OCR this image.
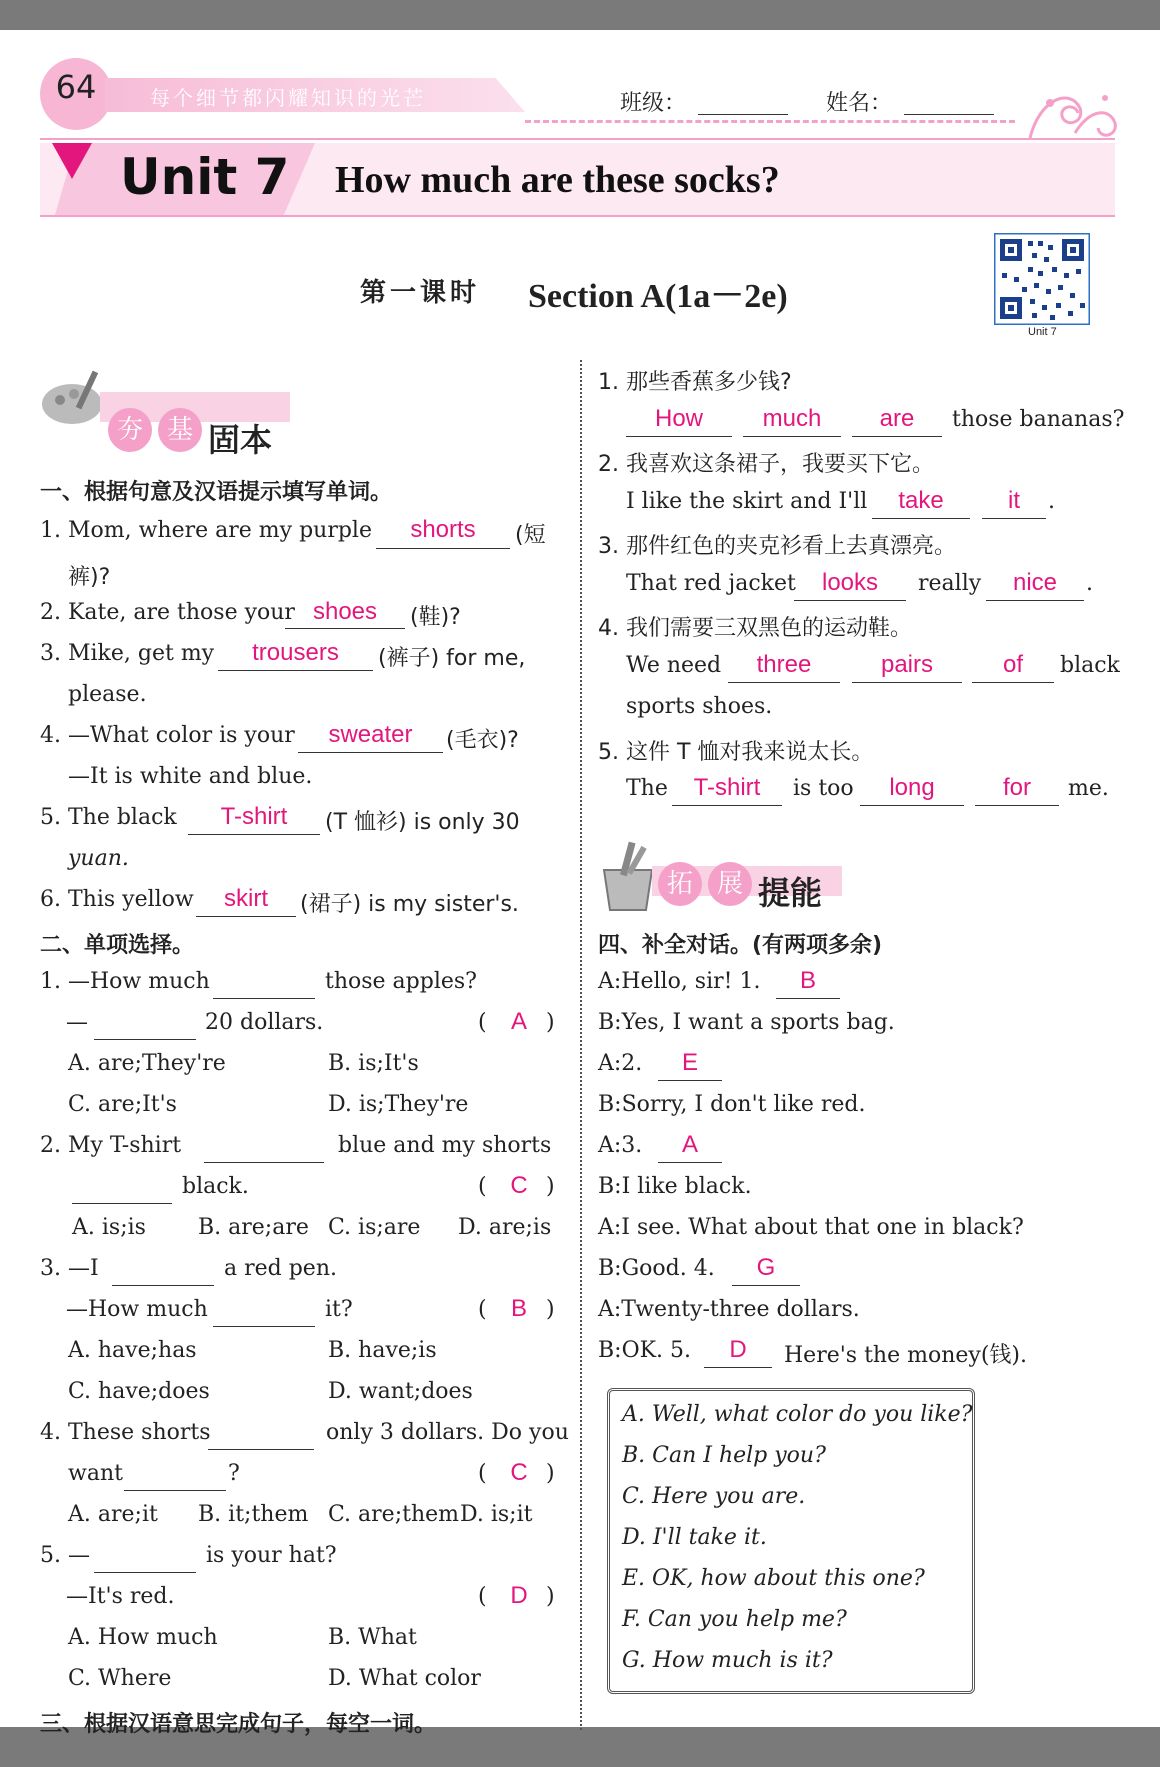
64	每个细节都闪耀知识的光芒	班级：	姓名：
Unit 7 How much are these socks?
第一课时 Section A(1a－2e)
Unit 7
夯 基 固本
一、根据句意及汉语提示填写单词。
1. Mom, where are my purple	shorts	(短
裤)?
2. Kate, are those your shoes	(鞋)?
3. Mike, get my	trousers	(裤子) for me,
please.
4. —What color is your	sweater	(毛衣)?
—It is white and blue.
5. The black	T-shirt	(T 恤衫) is only 30
yuan.
6. This yellow	skirt	(裙子) is my sister's.
二、单项选择。
1. —How much	those apples?
—	20 dollars.	(	A )
A. are;They're	B. is;It's
C. are;It's	D. is;They're
2. My T-shirt	blue and my shorts
black.	( C )
A. is;is B. are;are C. is;are D. are;is
3. —I	a red pen.
—How much	it?	(	B )
A. have;has	B. have;is
C. have;does	D. want;does
4. These shorts	only 3 dollars. Do you
want	?	( C )
A. are;it B. it;them C. are;them D. is;it
5. —	is your hat?
—It's red.	( D )
A. How much	B. What
C. Where	D. What color
三、根据汉语意思完成句子，每空一词。
1. 那些香蕉多少钱?
How	much	are	those bananas?
2. 我喜欢这条裙子，我要买下它。
I like the skirt and I'll	take	it	.
3. 那件红色的夹克衫看上去真漂亮。
That red jacket	looks	really	nice	.
4. 我们需要三双黑色的运动鞋。
We need	three	pairs	of	black
sports shoes.
5. 这件 T 恤对我来说太长。
The	T-shirt	is too	long	for	me.
拓 展 提能
四、补全对话。(有两项多余)
A:Hello, sir! 1.	B
B:Yes, I want a sports bag.
A:2.	E
B:Sorry, I don't like red.
A:3.	A
B:I like black.
A:I see. What about that one in black?
B:Good. 4.	G
A:Twenty-three dollars.
B:OK. 5.	D	Here's the money(钱).
A. Well, what color do you like?
B. Can I help you?
C. Here you are.
D. I'll take it.
E. OK, how about this one?
F. Can you help me?
G. How much is it?
